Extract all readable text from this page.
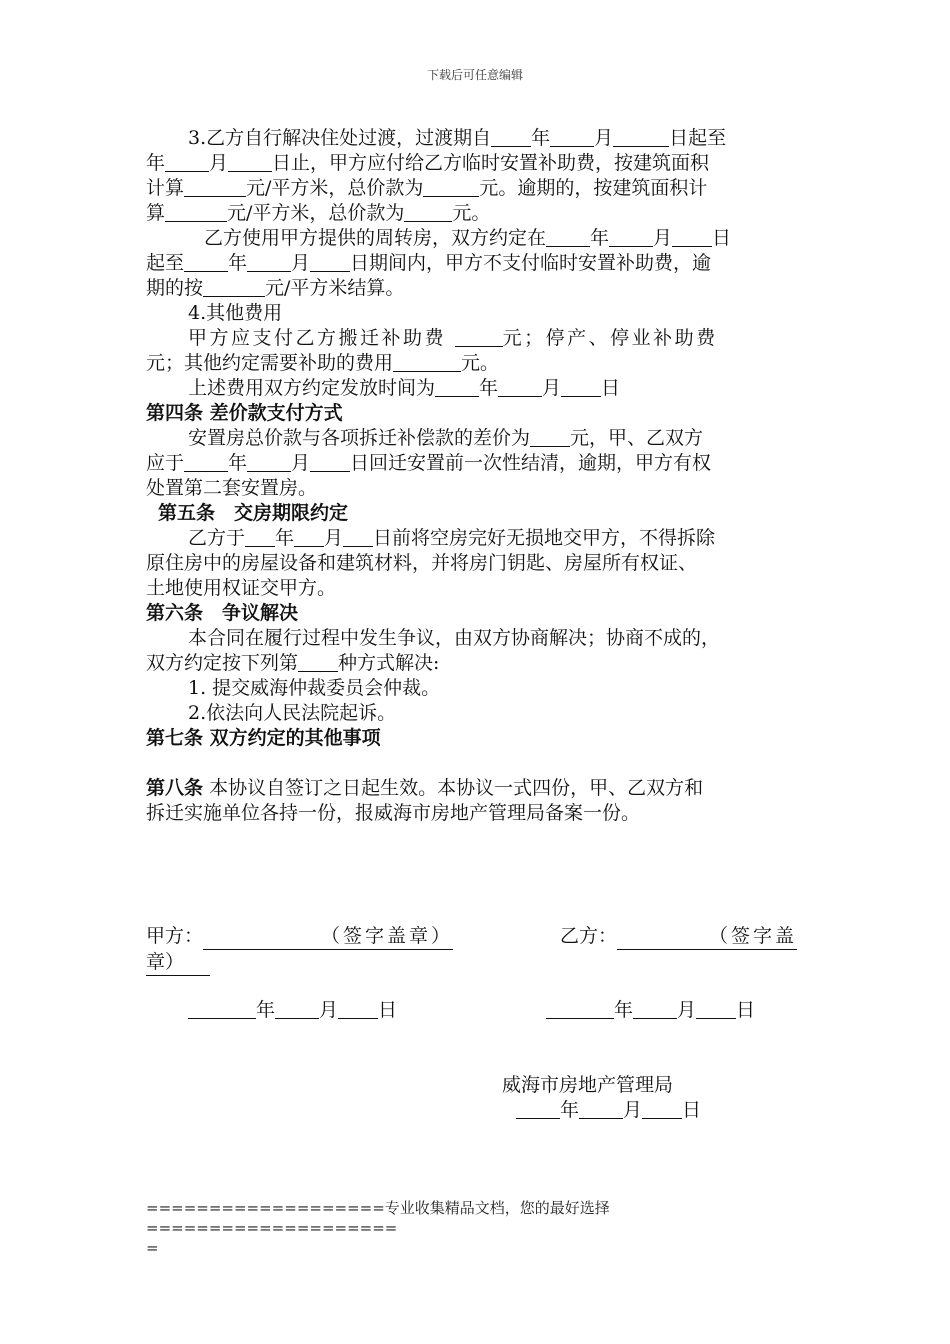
下载后可任意编辑

3.乙方自行解决住处过渡，过渡期自 年 月	日起至

年 月 日止，甲方应付给乙方临时安置补助费，按建筑面积

计算	元/平方米，总价款为	元。逾期的，按建筑面积计

算	元/平方米，总价款为	元。

乙方使用甲方提供的周转房，双方约定在 年 月 日

起至 年 月 日期间内，甲方不支付临时安置补助费，逾

期的按	元/平方米结算。

4.其他费用

甲方应支付乙方搬迁补助费	元；停产、停业补助费

元；其他约定需要补助的费用	元。

上述费用双方约定发放时间为 年 月 日

第四条 差价款支付方式

安置房总价款与各项拆迁补偿款的差价为 元，甲、乙双方

应于 年 月 日回迁安置前一次性结清，逾期，甲方有权

处置第二套安置房。

第五条　交房期限约定

乙方于 年 月 日前将空房完好无损地交甲方，不得拆除

原住房中的房屋设备和建筑材料，并将房门钥匙、房屋所有权证、

土地使用权证交甲方。

第六条　争议解决

本合同在履行过程中发生争议，由双方协商解决；协商不成的，

双方约定按下列第 种方式解决:

1. 提交威海仲裁委员会仲裁。

2.依法向人民法院起诉。

第七条 双方约定的其他事项

第八条 本协议自签订之日起生效。本协议一式四份，甲、乙双方和

拆迁实施单位各持一份，报威海市房地产管理局备案一份。

甲方：	（签字盖章）	乙方：	（签字盖
章）
年 月 日	年 月 日
威海市房地产管理局
年 月 日
===================专业收集精品文档，您的最好选择====================
=
